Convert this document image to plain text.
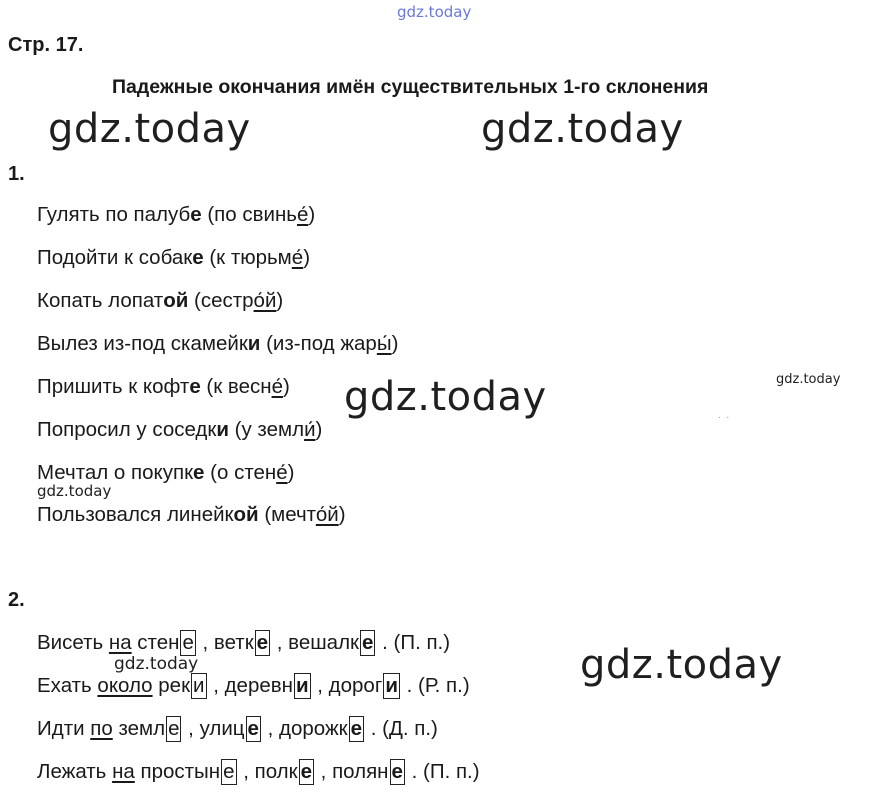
gdz.today
gdz.today	gdz.today
gdz.today
gdz.today
gdz.today
gdz.today
gdz.today
.  .
Стр. 17.
Падежные окончания имён существительных 1-го склонения
1.
Гулять по палубе (по свинье́)
Подойти к собаке (к тюрьме́)
Копать лопатой (сестро́й)
Вылез из-под скамейки (из-под жары́)
Пришить к кофте (к весне́)
Попросил у соседки (у земли́)
Мечтал о покупке (о стене́)
Пользовался линейкой (мечто́й)
2.
Висеть на стен е , ветк е , вешалк е . (П. п.)
Ехать около рек и , деревн и , дорог и . (Р. п.)
Идти по земл е , улиц е , дорожк е . (Д. п.)
Лежать на простын е , полк е , полян е . (П. п.)
